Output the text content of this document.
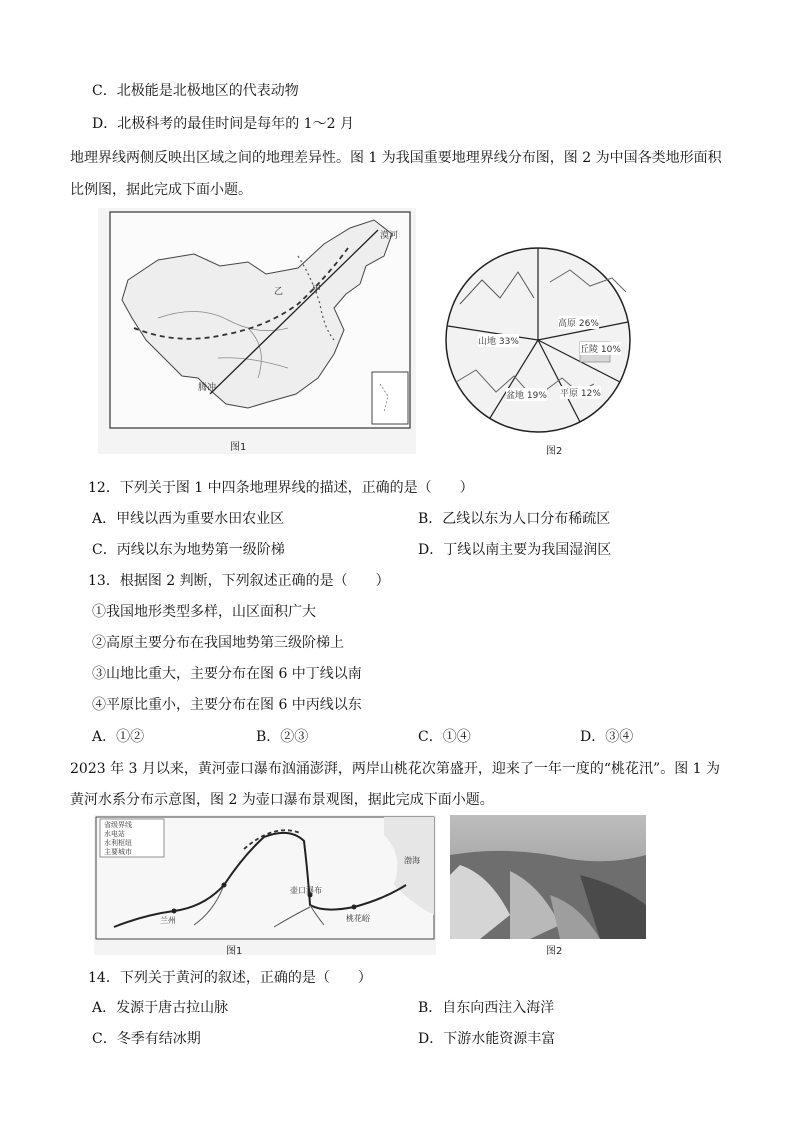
C．北极能是北极地区的代表动物
D．北极科考的最佳时间是每年的 1～2 月
地理界线两侧反映出区域之间的地理差异性。图 1 为我国重要地理界线分布图，图 2 为中国各类地形面积
比例图，据此完成下面小题。
漠河
腾冲
乙	甲
图1
高原 26%
丘陵 10%
山地 33%
平原 12%
盆地 19%
图2
12．下列关于图 1 中四条地理界线的描述，正确的是（　　）
A．甲线以西为重要水田农业区	B．乙线以东为人口分布稀疏区
C．丙线以东为地势第一级阶梯	D．丁线以南主要为我国湿润区
13．根据图 2 判断，下列叙述正确的是（　　）
①我国地形类型多样，山区面积广大
②高原主要分布在我国地势第三级阶梯上
③山地比重大，主要分布在图 6 中丁线以南
④平原比重小，主要分布在图 6 中丙线以东
A．①②	B．②③	C．①④	D．③④
2023 年 3 月以来，黄河壶口瀑布汹涌澎湃，两岸山桃花次第盛开，迎来了一年一度的“桃花汛”。图 1 为
黄河水系分布示意图，图 2 为壶口瀑布景观图，据此完成下面小题。
省级界线
水电站
水利枢纽
主要城市
壶口瀑布
兰州	桃花峪
渤海
图1	图2
14．下列关于黄河的叙述，正确的是（　　）
A．发源于唐古拉山脉	B．自东向西注入海洋
C．冬季有结冰期	D．下游水能资源丰富
